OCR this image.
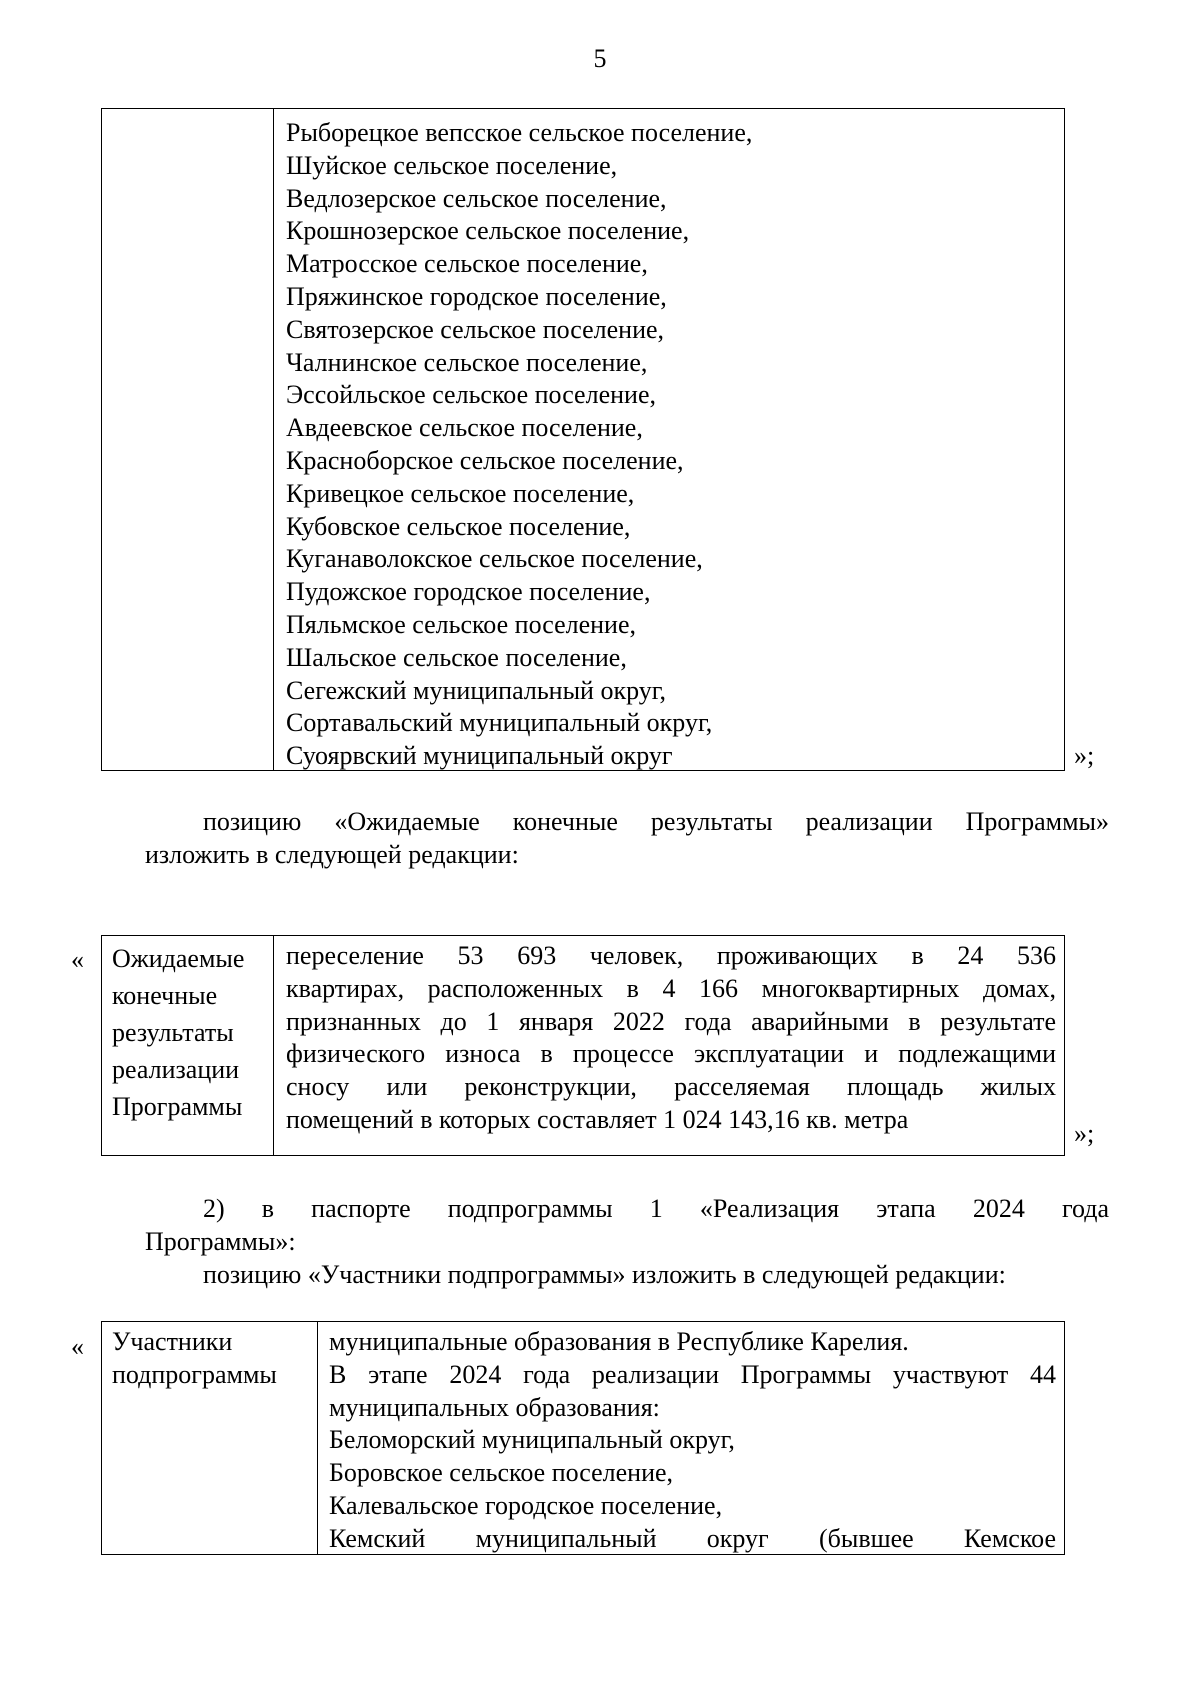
5
Рыборецкое вепсское сельское поселение,
Шуйское сельское поселение,
Ведлозерское сельское поселение,
Крошнозерское сельское поселение,
Матросское сельское поселение,
Пряжинское городское поселение,
Святозерское сельское поселение,
Чалнинское сельское поселение,
Эссойльское сельское поселение,
Авдеевское сельское поселение,
Красноборское сельское поселение,
Кривецкое сельское поселение,
Кубовское сельское поселение,
Куганаволокское сельское поселение,
Пудожское городское поселение,
Пяльмское сельское поселение,
Шальское сельское поселение,
Сегежский муниципальный округ,
Сортавальский муниципальный округ,
Суоярвский муниципальный округ	»;
позицию «Ожидаемые конечные результаты реализации Программы»
изложить в следующей редакции:
« Ожидаемые
конечные
результаты
реализации
Программы
переселение 53 693 человек, проживающих в 24 536
квартирах, расположенных в 4 166 многоквартирных домах,
признанных до 1 января 2022 года аварийными в результате
физического износа в процессе эксплуатации и подлежащими
сносу или реконструкции, расселяемая площадь жилых
помещений в которых составляет 1 024 143,16 кв. метра	»;
2) в паспорте подпрограммы 1 «Реализация этапа 2024 года
Программы»:
позицию «Участники подпрограммы» изложить в следующей редакции:
« Участники
подпрограммы
муниципальные образования в Республике Карелия.
В этапе 2024 года реализации Программы участвуют 44
муниципальных образования:
Беломорский муниципальный округ,
Боровское сельское поселение,
Калевальское городское поселение,
Кемский муниципальный округ (бывшее Кемское
